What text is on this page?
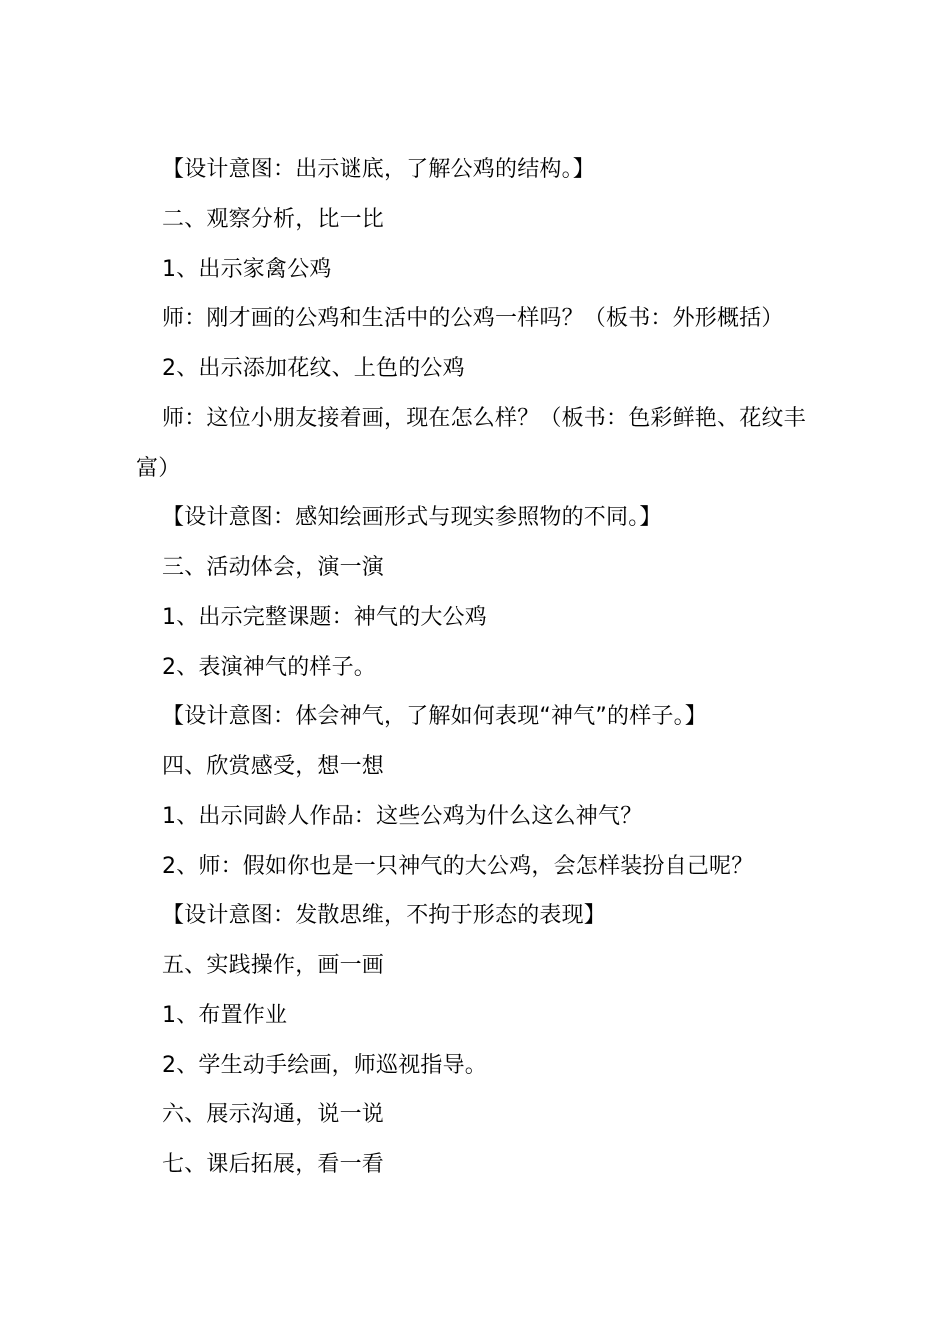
【设计意图：出示谜底，了解公鸡的结构。】
二、观察分析，比一比
1、出示家禽公鸡
师：刚才画的公鸡和生活中的公鸡一样吗？（板书：外形概括）
2、出示添加花纹、上色的公鸡
师：这位小朋友接着画，现在怎么样？（板书：色彩鲜艳、花纹丰
富）
【设计意图：感知绘画形式与现实参照物的不同。】
三、活动体会，演一演
1、出示完整课题：神气的大公鸡
2、表演神气的样子。
【设计意图：体会神气，了解如何表现“神气”的样子。】
四、欣赏感受，想一想
1、出示同龄人作品：这些公鸡为什么这么神气？
2、师：假如你也是一只神气的大公鸡，会怎样装扮自己呢？
【设计意图：发散思维，不拘于形态的表现】
五、实践操作，画一画
1、布置作业
2、学生动手绘画，师巡视指导。
六、展示沟通，说一说
七、课后拓展，看一看
